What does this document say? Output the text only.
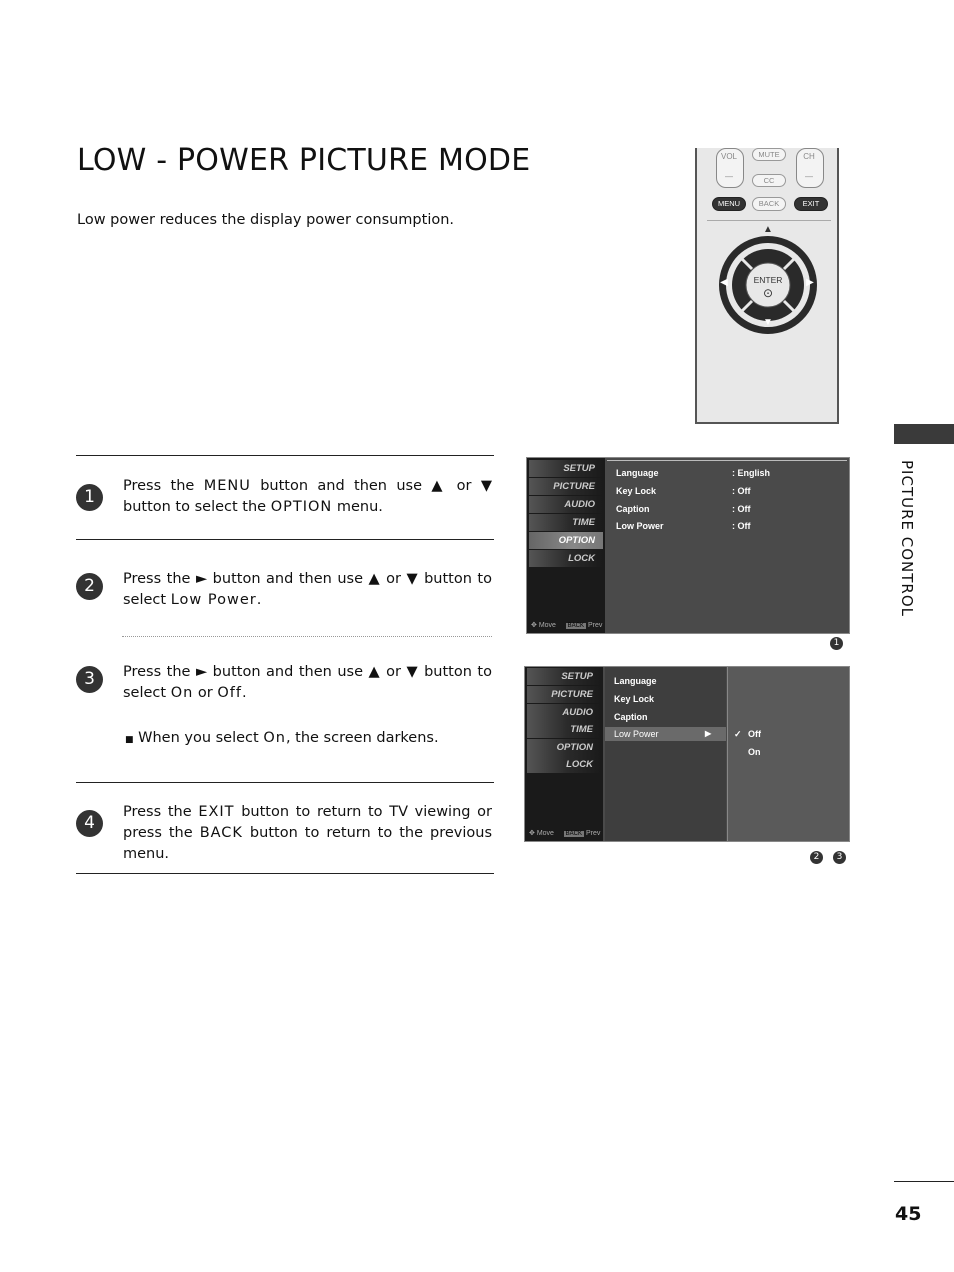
LOW - POWER PICTURE MODE
Low power reduces the display power consumption.
PICTURE CONTROL
VOL
—
MUTE
CC
CH
—
MENU	BACK	EXIT
▲
▼
◀	▶
ENTER
⊙
1
Press the MENU button and then use ▲ or ▼ button to select the OPTION menu.
2	Press the ► button and then use ▲ or ▼ button to select Low Power.
3	Press the ► button and then use ▲ or ▼ button to select On or Off.
■ When you select On, the screen darkens.
4
Press the EXIT button to return to TV viewing or press the BACK button to return to the previous menu.
SETUP
PICTURE
AUDIO
TIME
OPTION
LOCK
✥ Move BACK Prev
Language	: English
Key Lock	: Off
Caption	: Off
Low Power	: Off
1
SETUP
PICTURE
AUDIO
TIME
OPTION
LOCK
✥ Move BACK Prev
Language
Key Lock
Caption
Low Power	▶	✓ Off
On
2	3
45
